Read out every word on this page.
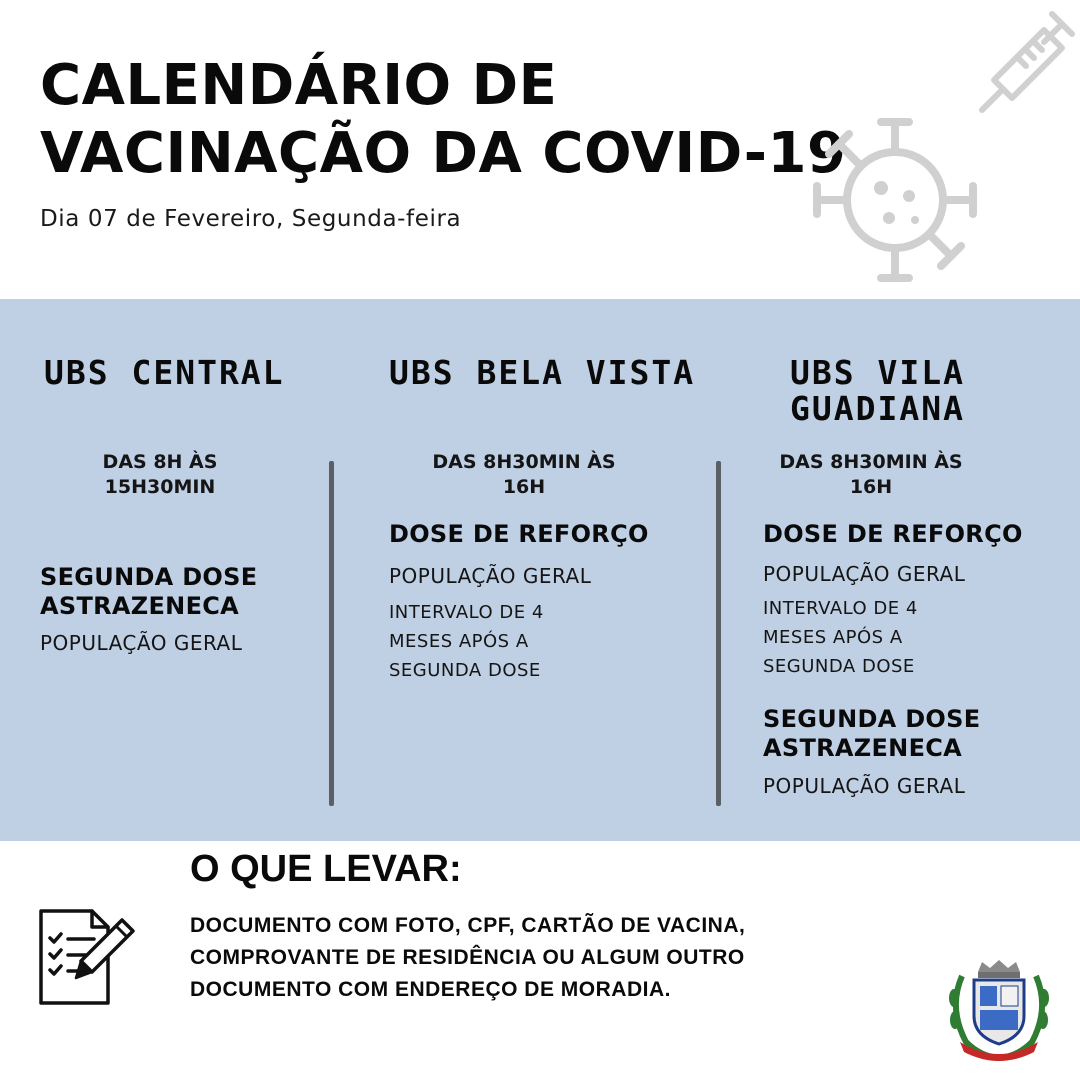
CALENDÁRIO DE
VACINAÇÃO DA COVID-19
Dia 07 de Fevereiro, Segunda-feira
UBS CENTRAL
DAS 8H ÀS
15H30MIN
SEGUNDA DOSE
ASTRAZENECA
POPULAÇÃO GERAL
UBS BELA VISTA
DAS 8H30MIN ÀS
16H
DOSE DE REFORÇO
POPULAÇÃO GERAL
INTERVALO DE 4
MESES APÓS A
SEGUNDA DOSE
UBS VILA
GUADIANA
DAS 8H30MIN ÀS
16H
DOSE DE REFORÇO
POPULAÇÃO GERAL
INTERVALO DE 4
MESES APÓS A
SEGUNDA DOSE
SEGUNDA DOSE
ASTRAZENECA
POPULAÇÃO GERAL
O QUE LEVAR:
DOCUMENTO COM FOTO, CPF, CARTÃO DE VACINA,
COMPROVANTE DE RESIDÊNCIA OU ALGUM OUTRO
DOCUMENTO COM ENDEREÇO DE MORADIA.
